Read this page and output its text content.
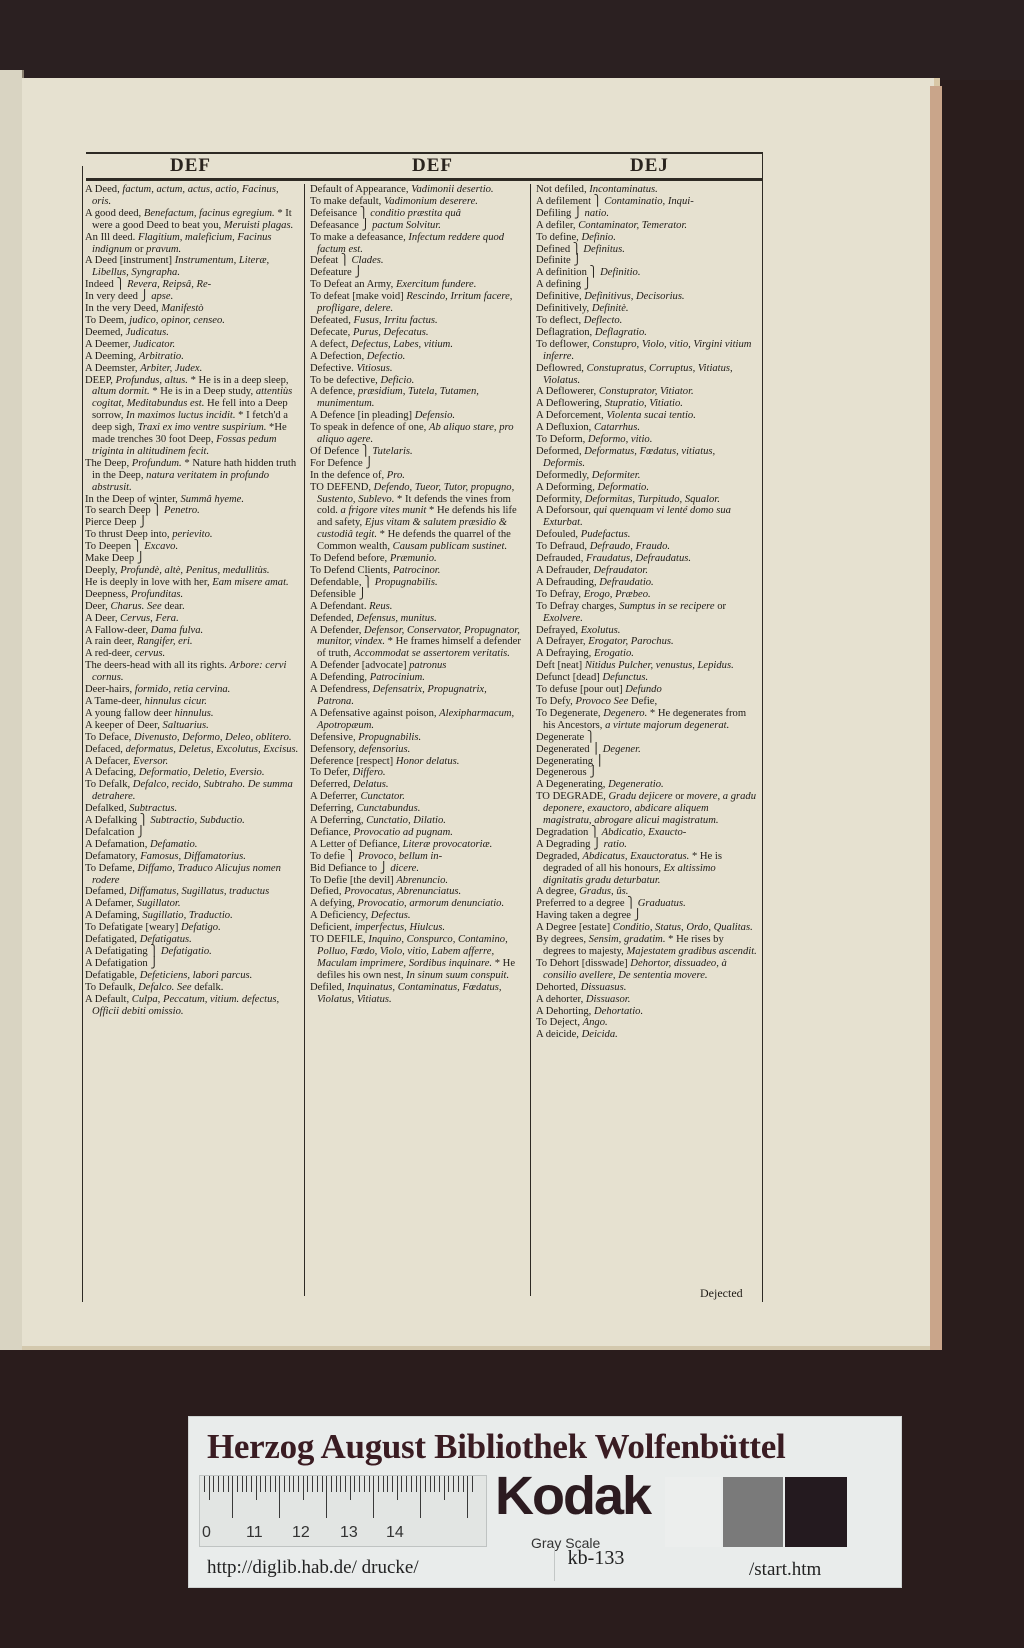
DEF	DEF	DEJ

A Deed, factum, actum, actus, actio, Facinus, oris.

A good deed, Benefactum, facinus egregium. * It were a good Deed to beat you, Meruisti plagas.

An Ill deed. Flagitium, maleficium, Facinus indignum or pravum.

A Deed [instrument] Instrumentum, Literæ, Libellus, Syngrapha.

Indeed ⎫ Revera, Reipsâ, Re-

In very deed ⎭ apse.

In the very Deed, Manifestò

To Deem, judico, opinor, censeo.

Deemed, Judicatus.

A Deemer, Judicator.

A Deeming, Arbitratio.

A Deemster, Arbiter, Judex.

DEEP, Profundus, altus. * He is in a deep sleep, altum dormit. * He is in a Deep study, attentiùs cogitat, Meditabundus est. He fell into a Deep sorrow, In maximos luctus incidit. * I fetch'd a deep sigh, Traxi ex imo ventre suspirium. *He made trenches 30 foot Deep, Fossas pedum triginta in altitudinem fecit.

The Deep, Profundum. * Nature hath hidden truth in the Deep, natura veritatem in profundo abstrusit.

In the Deep of winter, Summâ hyeme.

To search Deep ⎫ Penetro.

Pierce Deep ⎭

To thrust Deep into, perievito.

To Deepen ⎫ Excavo.

Make Deep ⎭

Deeply, Profundè, altè, Penitus, medullitùs.

He is deeply in love with her, Eam misere amat.

Deepness, Profunditas.

Deer, Charus. See dear.

A Deer, Cervus, Fera.

A Fallow-deer, Dama fulva.

A rain deer, Rangifer, eri.

A red-deer, cervus.

The deers-head with all its rights. Arbore: cervi cornus.

Deer-hairs, formido, retia cervina.

A Tame-deer, hinnulus cicur.

A young fallow deer hinnulus.

A keeper of Deer, Saltuarius.

To Deface, Divenusto, Deformo, Deleo, oblitero.

Defaced, deformatus, Deletus, Excolutus, Excisus.

A Defacer, Eversor.

A Defacing, Deformatio, Deletio, Eversio.

To Defalk, Defalco, recido, Subtraho. De summa detrahere.

Defalked, Subtractus.

A Defalking ⎫ Subtractio, Subductio.

Defalcation ⎭

A Defamation, Defamatio.

Defamatory, Famosus, Diffamatorius.

To Defame, Diffamo, Traduco Alicujus nomen rodere

Defamed, Diffamatus, Sugillatus, traductus

A Defamer, Sugillator.

A Defaming, Sugillatio, Traductio.

To Defatigate [weary] Defatigo.

Defatigated, Defatigatus.

A Defatigating ⎫ Defatigatio.

A Defatigation ⎭

Defatigable, Defeticiens, labori parcus.

To Defaulk, Defalco. See defalk.

A Default, Culpa, Peccatum, vitium. defectus, Officii debiti omissio.

Default of Appearance, Vadimonii desertio.

To make default, Vadimonium deserere.

Defeisance ⎫ conditio præstita quâ

Defeasance ⎭ pactum Solvitur.

To make a defeasance, Infectum reddere quod factum est.

Defeat ⎫ Clades.

Defeature ⎭

To Defeat an Army, Exercitum fundere.

To defeat [make void] Rescindo, Irritum facere, profligare, delere.

Defeated, Fusus, Irritu factus.

Defecate, Purus, Defecatus.

A defect, Defectus, Labes, vitium.

A Defection, Defectio.

Defective. Vitiosus.

To be defective, Deficio.

A defence, præsidium, Tutela, Tutamen, munimentum.

A Defence [in pleading] Defensio.

To speak in defence of one, Ab aliquo stare, pro aliquo agere.

Of Defence ⎫ Tutelaris.

For Defence ⎭

In the defence of, Pro.

TO DEFEND, Defendo, Tueor, Tutor, propugno, Sustento, Sublevo. * It defends the vines from cold. a frigore vites munit * He defends his life and safety, Ejus vitam & salutem præsidio & custodiâ tegit. * He defends the quarrel of the Common wealth, Causam publicam sustinet.

To Defend before, Præmunio.

To Defend Clients, Patrocinor.

Defendable, ⎫ Propugnabilis.

Defensible ⎭

A Defendant. Reus.

Defended, Defensus, munitus.

A Defender, Defensor, Conservator, Propugnator, munitor, vindex. * He frames himself a defender of truth, Accommodat se assertorem veritatis.

A Defender [advocate] patronus

A Defending, Patrocinium.

A Defendress, Defensatrix, Propugnatrix, Patrona.

A Defensative against poison, Alexipharmacum, Apotropæum.

Defensive, Propugnabilis.

Defensory, defensorius.

Deference [respect] Honor delatus.

To Defer, Differo.

Deferred, Delatus.

A Deferrer, Cunctator.

Deferring, Cunctabundus.

A Deferring, Cunctatio, Dilatio.

Defiance, Provocatio ad pugnam.

A Letter of Defiance, Literæ provocatoriæ.

To defie ⎫ Provoco, bellum in-

Bid Defiance to ⎭ dicere.

To Defie [the devil] Abrenuncio.

Defied, Provocatus, Abrenunciatus.

A defying, Provocatio, armorum denunciatio.

A Deficiency, Defectus.

Deficient, imperfectus, Hiulcus.

TO DEFILE, Inquino, Conspurco, Contamino, Polluo, Fœdo, Violo, vitio, Labem afferre, Maculam imprimere, Sordibus inquinare. * He defiles his own nest, In sinum suum conspuit.

Defiled, Inquinatus, Contaminatus, Fœdatus, Violatus, Vitiatus.

Not defiled, Incontaminatus.

A defilement ⎫ Contaminatio, Inqui-

Defiling ⎭ natio.

A defiler, Contaminator, Temerator.

To define, Definio.

Defined ⎫ Definitus.

Definite ⎭

A definition ⎫ Definitio.

A defining ⎭

Definitive, Definitivus, Decisorius.

Definitively, Definitè.

To deflect, Deflecto.

Deflagration, Deflagratio.

To deflower, Constupro, Violo, vitio, Virgini vitium inferre.

Deflowred, Constupratus, Corruptus, Vitiatus, Violatus.

A Deflowerer, Constuprator, Vitiator.

A Deflowering, Stupratio, Vitiatio.

A Deforcement, Violenta sucai tentio.

A Defluxion, Catarrhus.

To Deform, Deformo, vitio.

Deformed, Deformatus, Fœdatus, vitiatus, Deformis.

Deformedly, Deformiter.

A Deforming, Deformatio.

Deformity, Deformitas, Turpitudo, Squalor.

A Deforsour, qui quenquam vi lenté domo sua Exturbat.

Defouled, Pudefactus.

To Defraud, Defraudo, Fraudo.

Defrauded, Fraudatus, Defraudatus.

A Defrauder, Defraudator.

A Defrauding, Defraudatio.

To Defray, Erogo, Præbeo.

To Defray charges, Sumptus in se recipere or Exolvere.

Defrayed, Exolutus.

A Defrayer, Erogator, Parochus.

A Defraying, Erogatio.

Deft [neat] Nitidus Pulcher, venustus, Lepidus.

Defunct [dead] Defunctus.

To defuse [pour out] Defundo

To Defy, Provoco See Defie,

To Degenerate, Degenero. * He degenerates from his Ancestors, a virtute majorum degenerat.

Degenerate ⎫

Degenerated ⎪ Degener.

Degenerating ⎪

Degenerous ⎭

A Degenerating, Degeneratio.

TO DEGRADE, Gradu dejicere or movere, a gradu deponere, exauctoro, abdicare aliquem magistratu, abrogare alicui magistratum.

Degradation ⎫ Abdicatio, Exaucto-

A Degrading ⎭ ratio.

Degraded, Abdicatus, Exauctoratus. * He is degraded of all his honours, Ex altissimo dignitatis gradu deturbatur.

A degree, Gradus, ûs.

Preferred to a degree ⎫ Graduatus.

Having taken a degree ⎭

A Degree [estate] Conditio, Status, Ordo, Qualitas.

By degrees, Sensim, gradatim. * He rises by degrees to majesty, Majestatem gradibus ascendit.

To Dehort [disswade] Dehortor, dissuadeo, à consilio avellere, De sententia movere.

Dehorted, Dissuasus.

A dehorter, Dissuasor.

A Dehorting, Dehortatio.

To Deject, Ango.

A deicide, Deicida.

Dejected
Herzog August Bibliothek Wolfenbüttel
0 11 12 13 14
Kodak
Gray Scale
http://diglib.hab.de/ drucke/	kb-133
/start.htm
